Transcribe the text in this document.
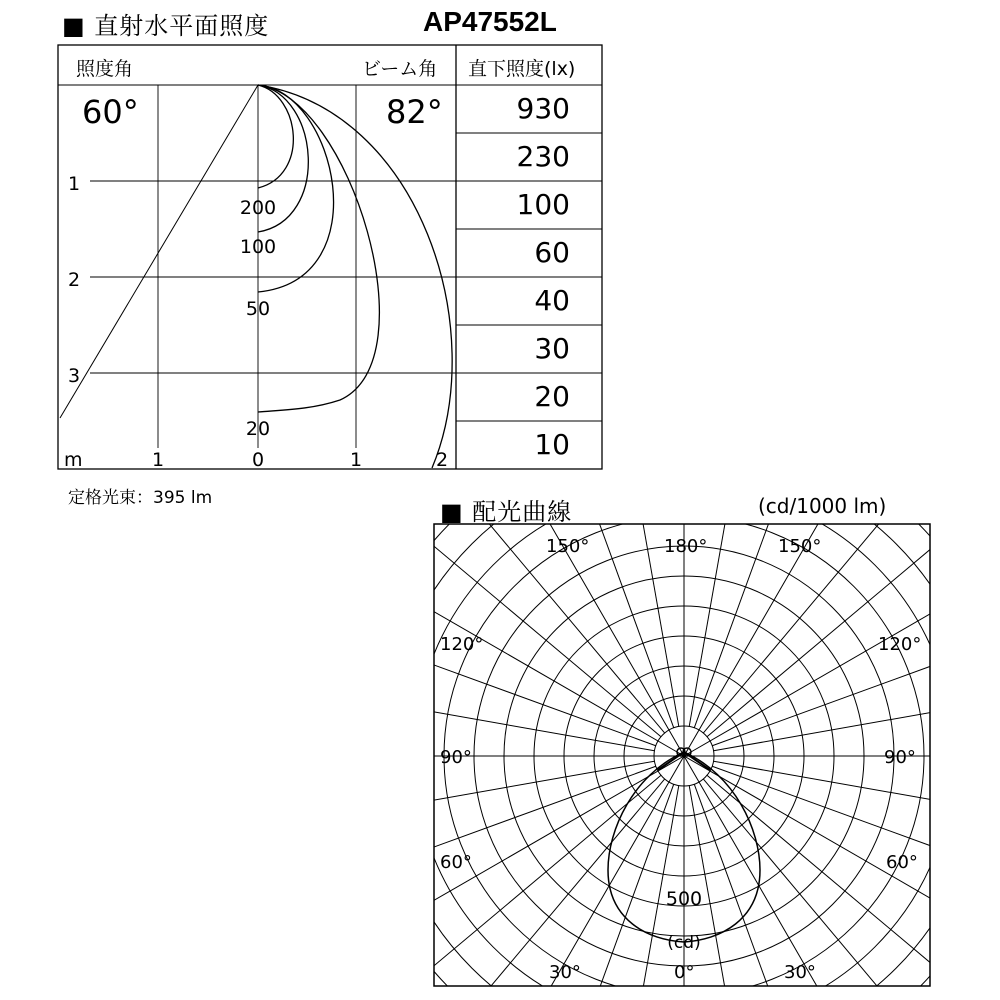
■ 直射水平面照度	AP47552L
照度角	ビーム角 直下照度(lx)
60°	82°	930
230
100
60
40
30
20
10
1
2
3
m	1	0	1	2
200
100
50
20
150°	180°	150°
120°	120°
90°	90°
60°	60°
30°	0°	30°
500
(cd)
定格光束：395 lm	■ 配光曲線	(cd/1000 lm)
